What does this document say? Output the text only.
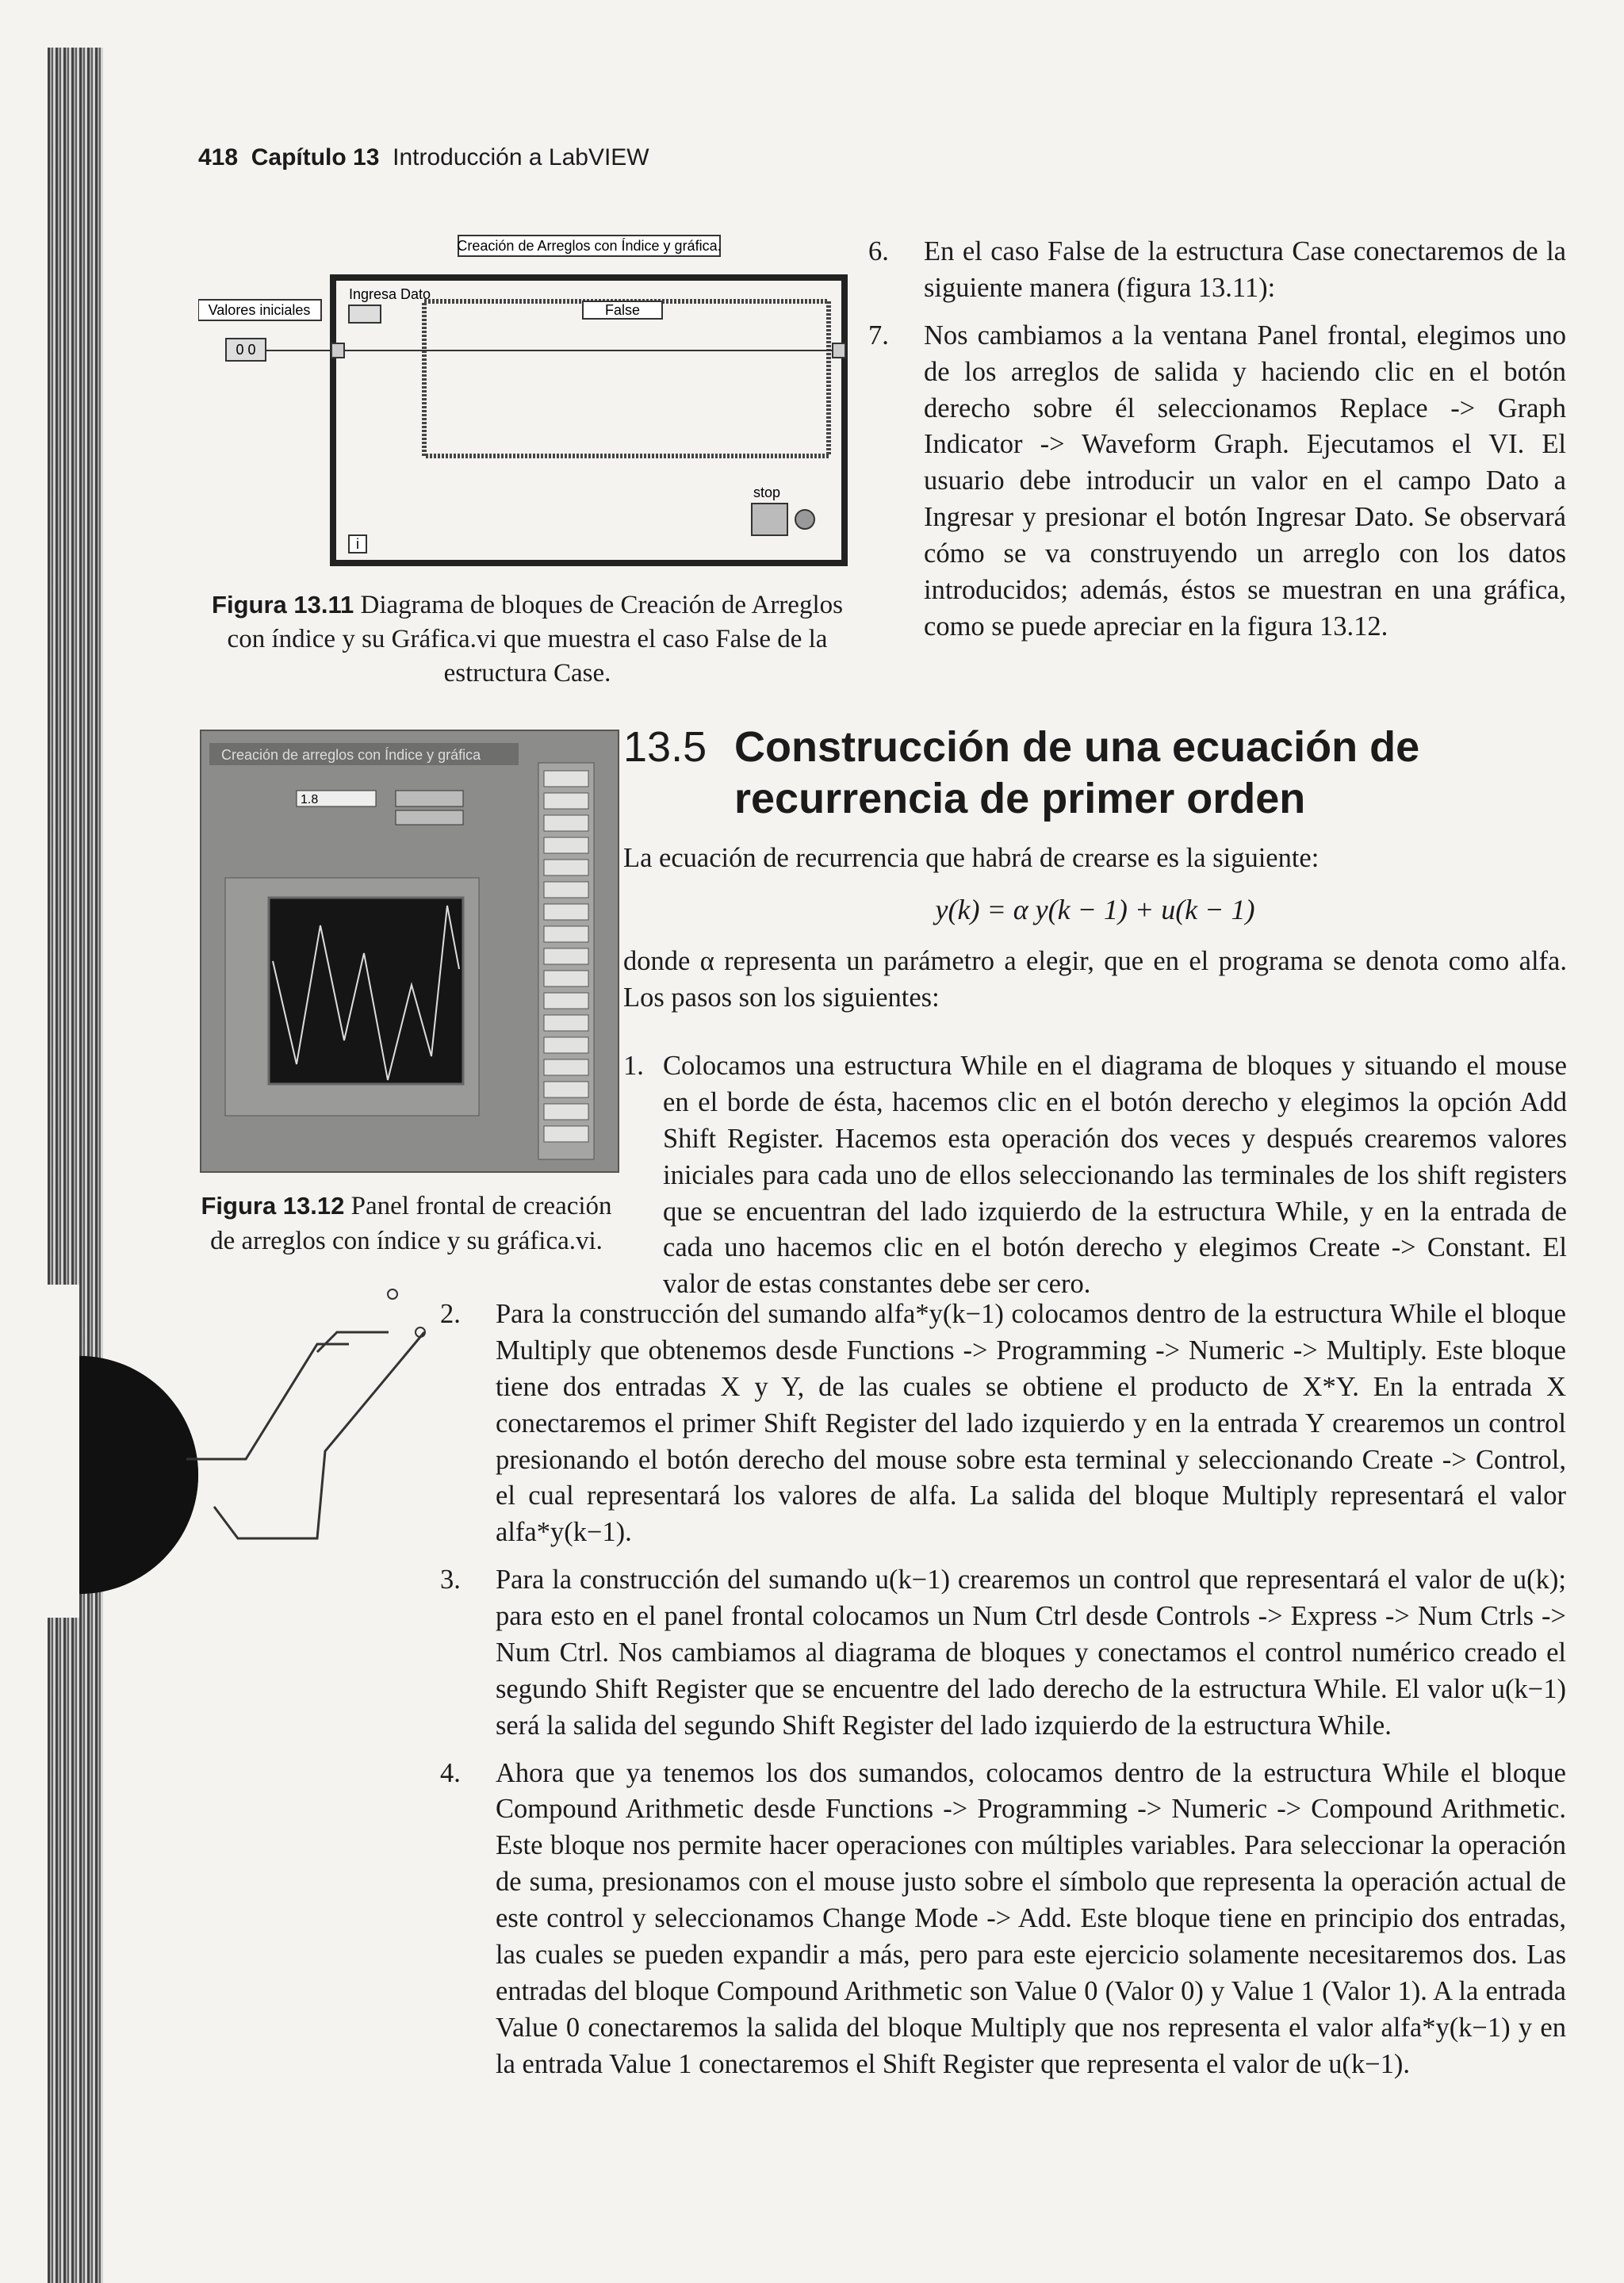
418 Capítulo 13 Introducción a LabVIEW
Creación de Arreglos con Índice y gráfica.
Valores iniciales
0 0
Ingresa Dato
False
stop
i
Figura 13.11 Diagrama de bloques de Creación de Arreglos con índice y su Gráfica.vi que muestra el caso False de la estructura Case.
6. En el caso False de la estructura Case conectaremos de la siguiente manera (figura 13.11):
7. Nos cambiamos a la ventana Panel frontal, elegimos uno de los arreglos de salida y haciendo clic en el botón derecho sobre él seleccionamos Replace -> Graph Indicator -> Waveform Graph. Ejecutamos el VI. El usuario debe introducir un valor en el campo Dato a Ingresar y presionar el botón Ingresar Dato. Se observará cómo se va construyendo un arreglo con los datos introducidos; además, éstos se muestran en una gráfica, como se puede apreciar en la figura 13.12.
Creación de arreglos con Índice y gráfica
1.8
Figura 13.12 Panel frontal de creación de arreglos con índice y su gráfica.vi.
13.5 Construcción de una ecuación de recurrencia de primer orden

La ecuación de recurrencia que habrá de crearse es la siguiente:

y(k) = α y(k − 1) + u(k − 1)

donde α representa un parámetro a elegir, que en el programa se denota como alfa. Los pasos son los siguientes:

1. Colocamos una estructura While en el diagrama de bloques y situando el mouse en el borde de ésta, hacemos clic en el botón derecho y elegimos la opción Add Shift Register. Hacemos esta operación dos veces y después crearemos valores iniciales para cada uno de ellos seleccionando las terminales de los shift registers que se encuentran del lado izquierdo de la estructura While, y en la entrada de cada uno hacemos clic en el botón derecho y elegimos Create -> Constant. El valor de estas constantes debe ser cero.
2. Para la construcción del sumando alfa*y(k−1) colocamos dentro de la estructura While el bloque Multiply que obtenemos desde Functions -> Programming -> Numeric -> Multiply. Este bloque tiene dos entradas X y Y, de las cuales se obtiene el producto de X*Y. En la entrada X conectaremos el primer Shift Register del lado izquierdo y en la entrada Y crearemos un control presionando el botón derecho del mouse sobre esta terminal y seleccionando Create -> Control, el cual representará los valores de alfa. La salida del bloque Multiply representará el valor alfa*y(k−1).
3. Para la construcción del sumando u(k−1) crearemos un control que representará el valor de u(k); para esto en el panel frontal colocamos un Num Ctrl desde Controls -> Express -> Num Ctrls -> Num Ctrl. Nos cambiamos al diagrama de bloques y conectamos el control numérico creado el segundo Shift Register que se encuentre del lado derecho de la estructura While. El valor u(k−1) será la salida del segundo Shift Register del lado izquierdo de la estructura While.
4. Ahora que ya tenemos los dos sumandos, colocamos dentro de la estructura While el bloque Compound Arithmetic desde Functions -> Programming -> Numeric -> Compound Arithmetic. Este bloque nos permite hacer operaciones con múltiples variables. Para seleccionar la operación de suma, presionamos con el mouse justo sobre el símbolo que representa la operación actual de este control y seleccionamos Change Mode -> Add. Este bloque tiene en principio dos entradas, las cuales se pueden expandir a más, pero para este ejercicio solamente necesitaremos dos. Las entradas del bloque Compound Arithmetic son Value 0 (Valor 0) y Value 1 (Valor 1). A la entrada Value 0 conectaremos la salida del bloque Multiply que nos representa el valor alfa*y(k−1) y en la entrada Value 1 conectaremos el Shift Register que representa el valor de u(k−1).
